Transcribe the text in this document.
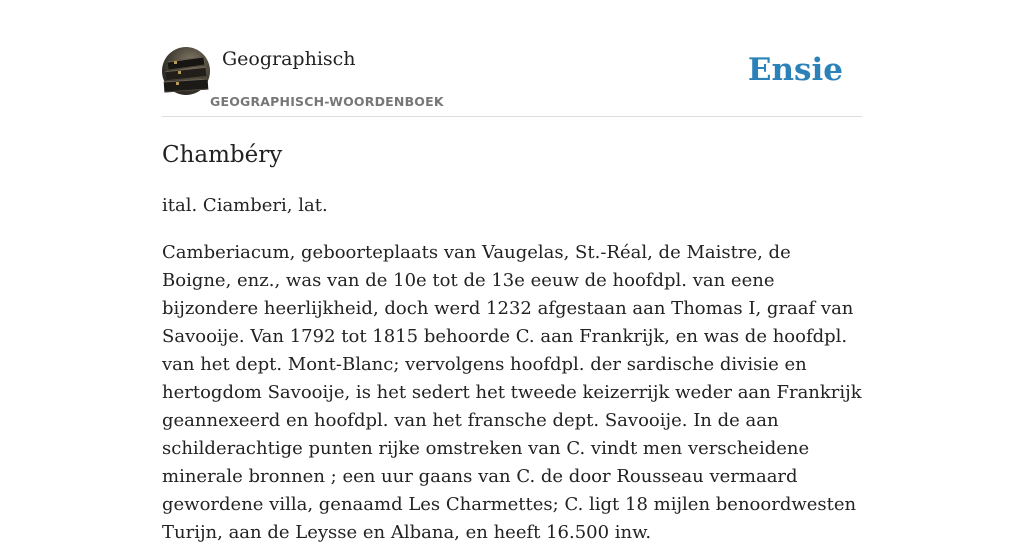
Geographisch
GEOGRAPHISCH-WOORDENBOEK
Ensie
Chambéry

ital. Ciamberi, lat.

Camberiacum, geboorteplaats van Vaugelas, St.-Réal, de Maistre, de Boigne, enz., was van de 10e tot de 13e eeuw de hoofdpl. van eene bijzondere heerlijkheid, doch werd 1232 afgestaan aan Thomas I, graaf van Savooije. Van 1792 tot 1815 behoorde C. aan Frankrijk, en was de hoofdpl. van het dept. Mont-Blanc; vervolgens hoofdpl. der sardische divisie en hertogdom Savooije, is het sedert het tweede keizerrijk weder aan Frankrijk geannexeerd en hoofdpl. van het fransche dept. Savooije. In de aan schilderachtige punten rijke omstreken van C. vindt men verscheidene minerale bronnen ; een uur gaans van C. de door Rousseau vermaard gewordene villa, genaamd Les Charmettes; C. ligt 18 mijlen benoordwesten Turijn, aan de Leysse en Albana, en heeft 16.500 inw.
